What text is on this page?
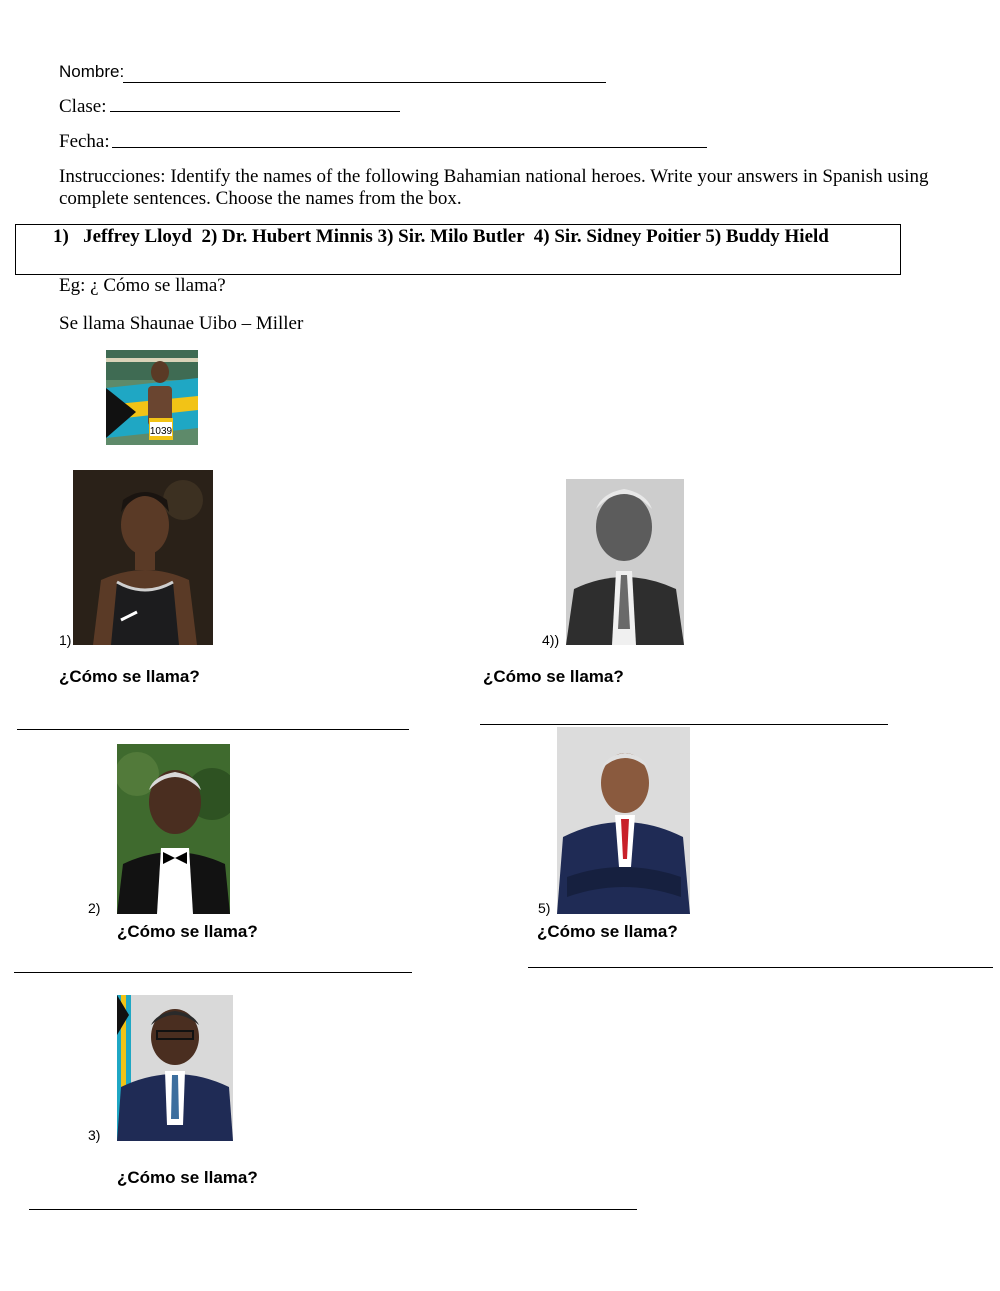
Nombre:
Clase:
Fecha:
Instrucciones: Identify the names of the following Bahamian national heroes. Write your answers in Spanish using complete sentences. Choose the names from the box.
1)   Jeffrey Lloyd  2) Dr. Hubert Minnis 3) Sir. Milo Butler  4) Sir. Sidney Poitier 5) Buddy Hield
Eg: ¿ Cómo se llama?
Se llama Shaunae Uibo – Miller
1039
1)
¿Cómo se llama?
4))
¿Cómo se llama?
2)
¿Cómo se llama?
5)
¿Cómo se llama?
3)
¿Cómo se llama?
